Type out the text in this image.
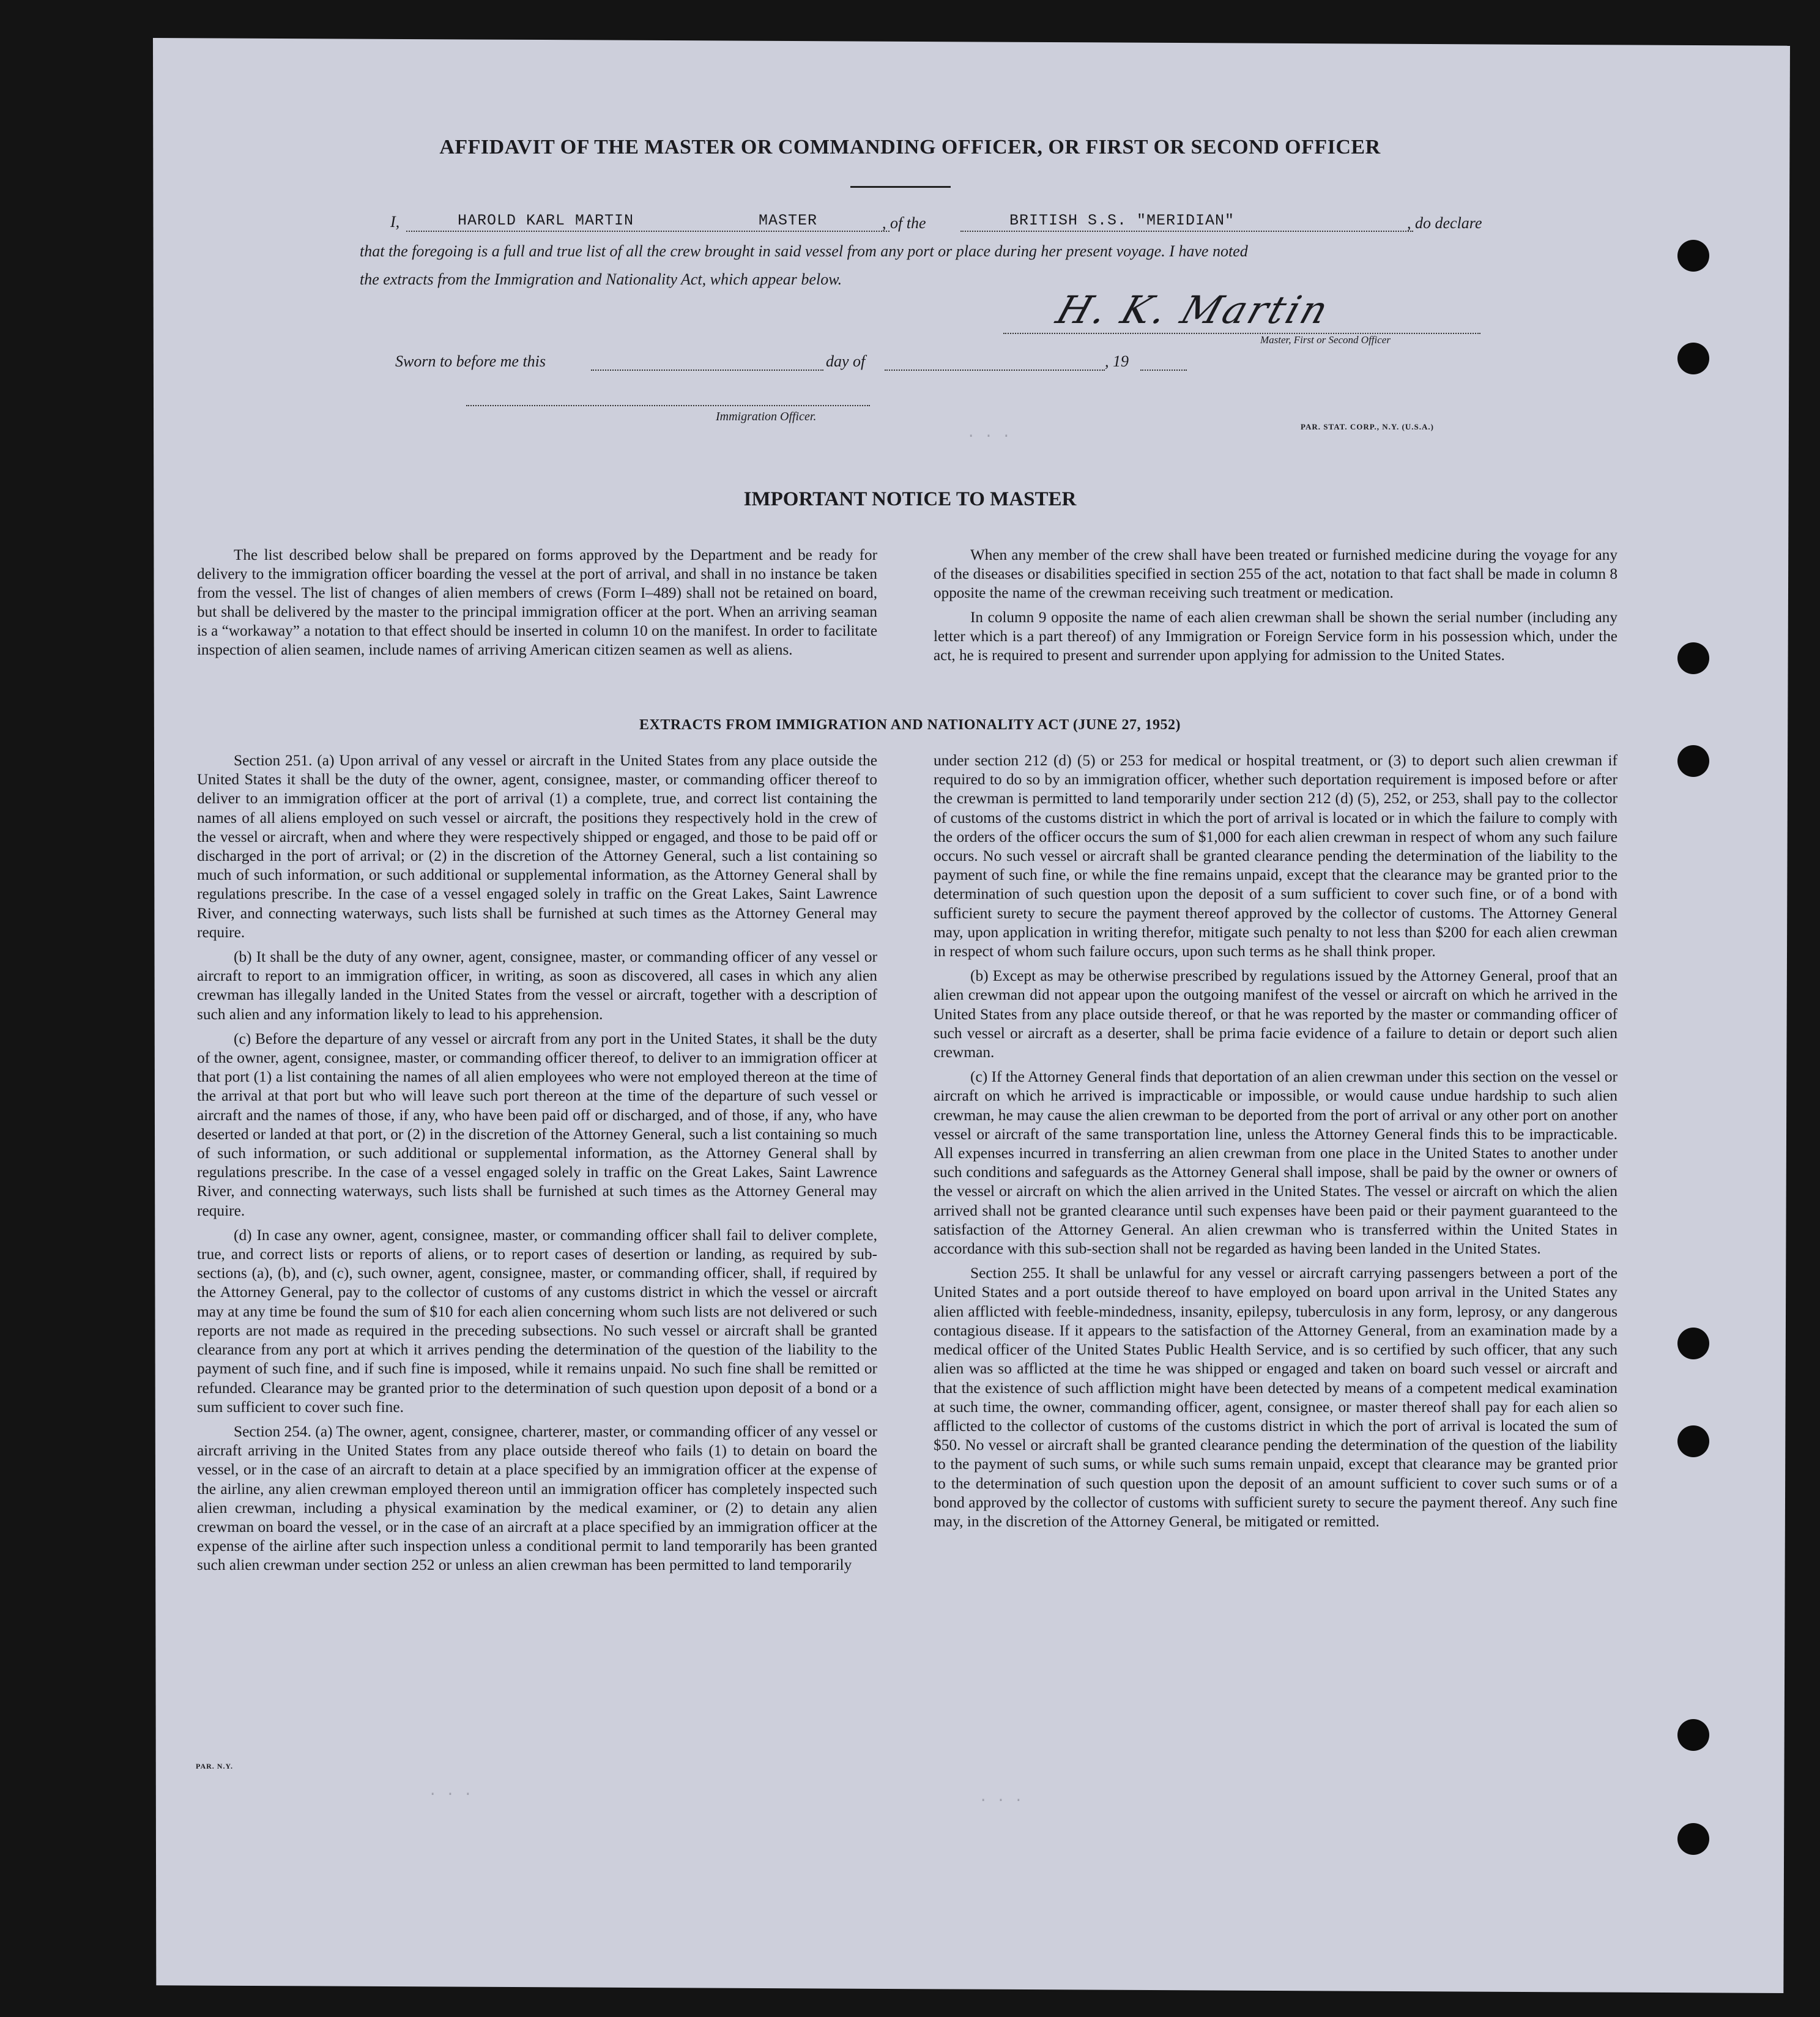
· · ·
· · ·	· · ·
AFFIDAVIT OF THE MASTER OR COMMANDING OFFICER, OR FIRST OR SECOND OFFICER
I,	HAROLD KARL MARTIN	MASTER	, of the	BRITISH S.S. "MERIDIAN"	, do declare
that the foregoing is a full and true list of all the crew brought in said vessel from any port or place during her present voyage. I have noted
the extracts from the Immigration and Nationality Act, which appear below.
H. K. Martin
Master, First or Second Officer
Sworn to before me this	day of	, 19
Immigration Officer.
PAR. STAT. CORP., N.Y. (U.S.A.)
IMPORTANT NOTICE TO MASTER

The list described below shall be prepared on forms approved by the Department and be ready for delivery to the immigration officer boarding the vessel at the port of arrival, and shall in no instance be taken from the vessel. The list of changes of alien members of crews (Form I–489) shall not be retained on board, but shall be delivered by the master to the principal immigration officer at the port. When an arriving seaman is a “workaway” a notation to that effect should be inserted in column 10 on the manifest. In order to facilitate inspection of alien seamen, include names of arriving American citizen seamen as well as aliens.

When any member of the crew shall have been treated or furnished medicine during the voyage for any of the diseases or disabilities specified in section 255 of the act, notation to that fact shall be made in column 8 opposite the name of the crewman receiving such treatment or medication.

In column 9 opposite the name of each alien crewman shall be shown the serial number (including any letter which is a part thereof) of any Immigration or Foreign Service form in his possession which, under the act, he is required to present and surrender upon applying for admission to the United States.

EXTRACTS FROM IMMIGRATION AND NATIONALITY ACT (JUNE 27, 1952)

Section 251. (a) Upon arrival of any vessel or aircraft in the United States from any place outside the United States it shall be the duty of the owner, agent, consignee, master, or commanding officer thereof to deliver to an immigration officer at the port of arrival (1) a complete, true, and correct list containing the names of all aliens employed on such vessel or aircraft, the positions they respectively hold in the crew of the vessel or aircraft, when and where they were respectively shipped or engaged, and those to be paid off or discharged in the port of arrival; or (2) in the discretion of the Attorney General, such a list containing so much of such information, or such additional or supplemental information, as the Attorney General shall by regulations prescribe. In the case of a vessel engaged solely in traffic on the Great Lakes, Saint Lawrence River, and connecting waterways, such lists shall be furnished at such times as the Attorney General may require.

(b) It shall be the duty of any owner, agent, consignee, master, or commanding officer of any vessel or aircraft to report to an immigration officer, in writing, as soon as discovered, all cases in which any alien crewman has illegally landed in the United States from the vessel or aircraft, together with a description of such alien and any information likely to lead to his apprehension.

(c) Before the departure of any vessel or aircraft from any port in the United States, it shall be the duty of the owner, agent, consignee, master, or commanding officer thereof, to deliver to an immigration officer at that port (1) a list containing the names of all alien employees who were not employed thereon at the time of the arrival at that port but who will leave such port thereon at the time of the departure of such vessel or aircraft and the names of those, if any, who have been paid off or discharged, and of those, if any, who have deserted or landed at that port, or (2) in the discretion of the Attorney General, such a list containing so much of such information, or such additional or supplemental information, as the Attorney General shall by regulations prescribe. In the case of a vessel engaged solely in traffic on the Great Lakes, Saint Lawrence River, and connecting waterways, such lists shall be furnished at such times as the Attorney General may require.

(d) In case any owner, agent, consignee, master, or commanding officer shall fail to deliver complete, true, and correct lists or reports of aliens, or to report cases of desertion or landing, as required by sub-sections (a), (b), and (c), such owner, agent, consignee, master, or commanding officer, shall, if required by the Attorney General, pay to the collector of customs of any customs district in which the vessel or aircraft may at any time be found the sum of $10 for each alien concerning whom such lists are not delivered or such reports are not made as required in the preceding subsections. No such vessel or aircraft shall be granted clearance from any port at which it arrives pending the determination of the question of the liability to the payment of such fine, and if such fine is imposed, while it remains unpaid. No such fine shall be remitted or refunded. Clearance may be granted prior to the determination of such question upon deposit of a bond or a sum sufficient to cover such fine.

Section 254. (a) The owner, agent, consignee, charterer, master, or commanding officer of any vessel or aircraft arriving in the United States from any place outside thereof who fails (1) to detain on board the vessel, or in the case of an aircraft to detain at a place specified by an immigration officer at the expense of the airline, any alien crewman employed thereon until an immigration officer has completely inspected such alien crewman, including a physical examination by the medical examiner, or (2) to detain any alien crewman on board the vessel, or in the case of an aircraft at a place specified by an immigration officer at the expense of the airline after such inspection unless a conditional permit to land temporarily has been granted such alien crewman under section 252 or unless an alien crewman has been permitted to land temporarily

under section 212 (d) (5) or 253 for medical or hospital treatment, or (3) to deport such alien crewman if required to do so by an immigration officer, whether such deportation requirement is imposed before or after the crewman is permitted to land temporarily under section 212 (d) (5), 252, or 253, shall pay to the collector of customs of the customs district in which the port of arrival is located or in which the failure to comply with the orders of the officer occurs the sum of $1,000 for each alien crewman in respect of whom any such failure occurs. No such vessel or aircraft shall be granted clearance pending the determination of the liability to the payment of such fine, or while the fine remains unpaid, except that the clearance may be granted prior to the determination of such question upon the deposit of a sum sufficient to cover such fine, or of a bond with sufficient surety to secure the payment thereof approved by the collector of customs. The Attorney General may, upon application in writing therefor, mitigate such penalty to not less than $200 for each alien crewman in respect of whom such failure occurs, upon such terms as he shall think proper.

(b) Except as may be otherwise prescribed by regulations issued by the Attorney General, proof that an alien crewman did not appear upon the outgoing manifest of the vessel or aircraft on which he arrived in the United States from any place outside thereof, or that he was reported by the master or commanding officer of such vessel or aircraft as a deserter, shall be prima facie evidence of a failure to detain or deport such alien crewman.

(c) If the Attorney General finds that deportation of an alien crewman under this section on the vessel or aircraft on which he arrived is impracticable or impossible, or would cause undue hardship to such alien crewman, he may cause the alien crewman to be deported from the port of arrival or any other port on another vessel or aircraft of the same transportation line, unless the Attorney General finds this to be impracticable. All expenses incurred in transferring an alien crewman from one place in the United States to another under such conditions and safeguards as the Attorney General shall impose, shall be paid by the owner or owners of the vessel or aircraft on which the alien arrived in the United States. The vessel or aircraft on which the alien arrived shall not be granted clearance until such expenses have been paid or their payment guaranteed to the satisfaction of the Attorney General. An alien crewman who is transferred within the United States in accordance with this sub-section shall not be regarded as having been landed in the United States.

Section 255. It shall be unlawful for any vessel or aircraft carrying passengers between a port of the United States and a port outside thereof to have employed on board upon arrival in the United States any alien afflicted with feeble-mindedness, insanity, epilepsy, tuberculosis in any form, leprosy, or any dangerous contagious disease. If it appears to the satisfaction of the Attorney General, from an examination made by a medical officer of the United States Public Health Service, and is so certified by such officer, that any such alien was so afflicted at the time he was shipped or engaged and taken on board such vessel or aircraft and that the existence of such affliction might have been detected by means of a competent medical examination at such time, the owner, commanding officer, agent, consignee, or master thereof shall pay for each alien so afflicted to the collector of customs of the customs district in which the port of arrival is located the sum of $50. No vessel or aircraft shall be granted clearance pending the determination of the question of the liability to the payment of such sums, or while such sums remain unpaid, except that clearance may be granted prior to the determination of such question upon the deposit of an amount sufficient to cover such sums or of a bond approved by the collector of customs with sufficient surety to secure the payment thereof. Any such fine may, in the discretion of the Attorney General, be mitigated or remitted.

PAR. N.Y.
